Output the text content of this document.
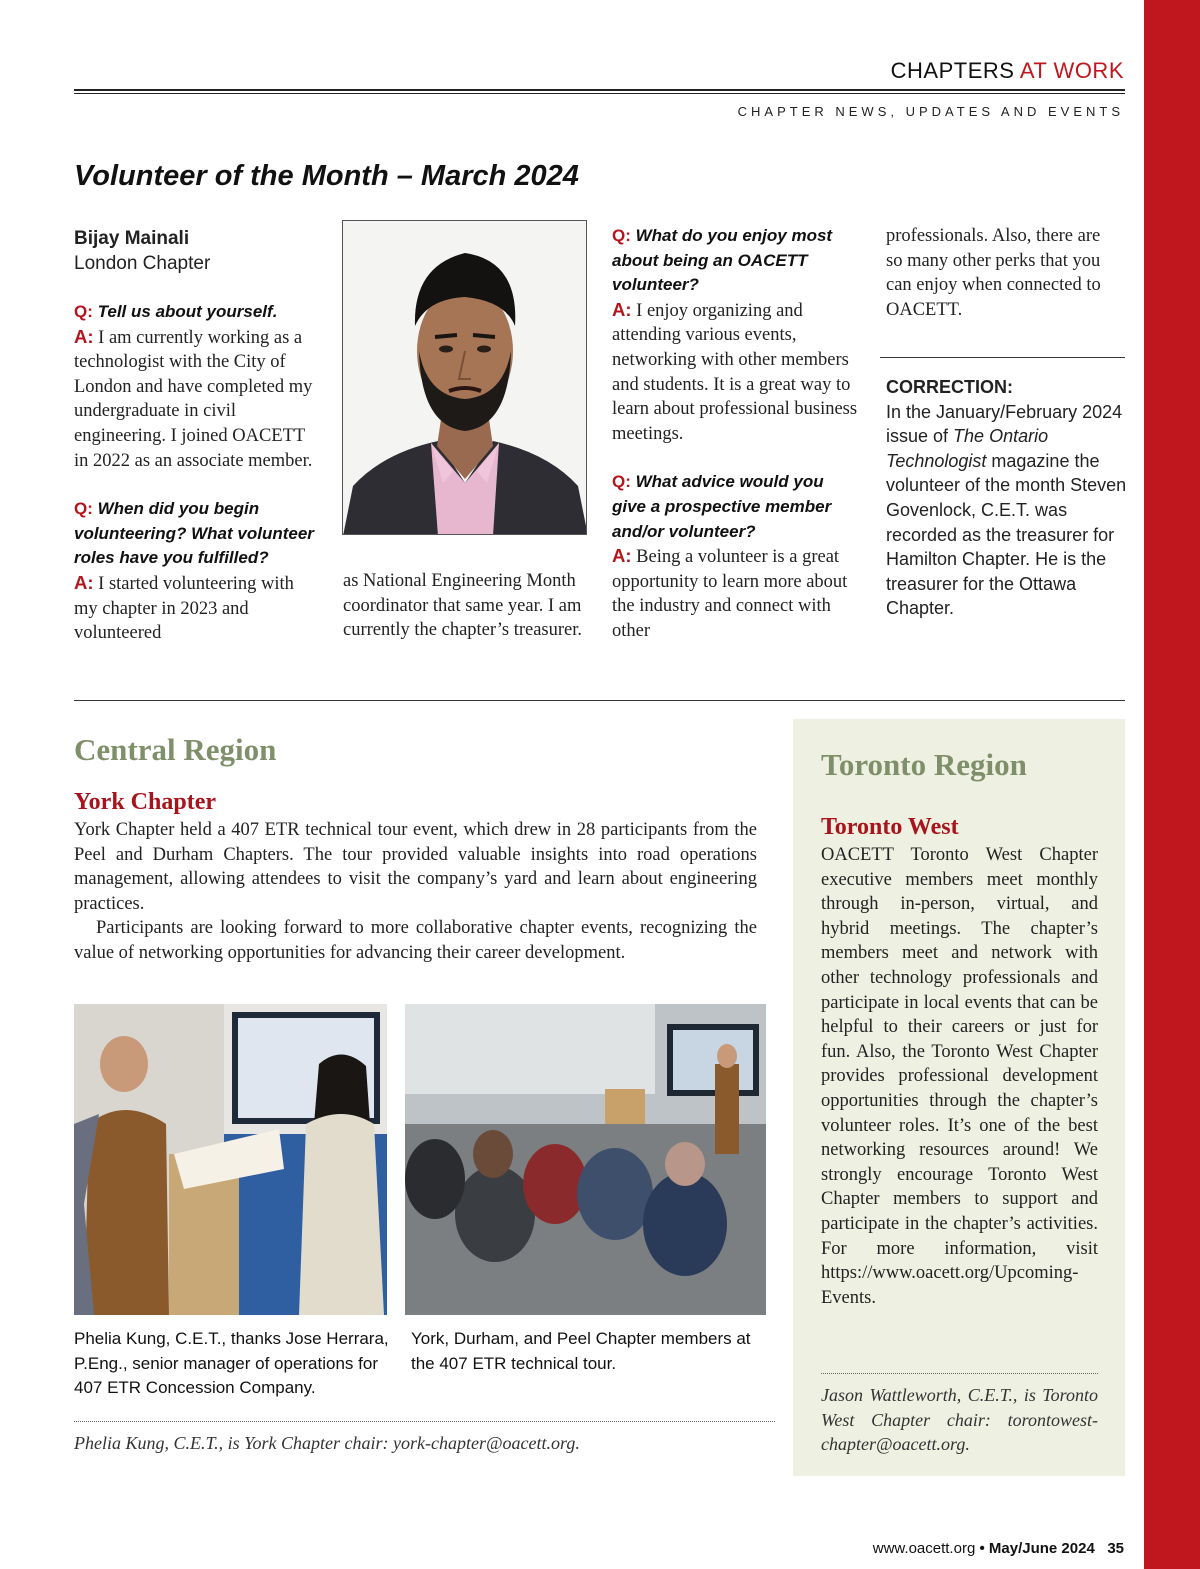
CHAPTERS AT WORK
CHAPTER NEWS, UPDATES AND EVENTS
Volunteer of the Month – March 2024
Bijay Mainali
London Chapter
Q: Tell us about yourself.
A: I am currently working as a technologist with the City of London and have completed my undergraduate in civil engineering. I joined OACETT in 2022 as an associate member.
Q: When did you begin volunteering? What volunteer roles have you fulfilled?
A: I started volunteering with my chapter in 2023 and volunteered
as National Engineering Month coordinator that same year. I am currently the chapter’s treasurer.
Q: What do you enjoy most about being an OACETT volunteer?
A: I enjoy organizing and attending various events, networking with other members and students. It is a great way to learn about professional business meetings.
Q: What advice would you give a prospective member and/or volunteer?
A: Being a volunteer is a great opportunity to learn more about the industry and connect with other
professionals. Also, there are so many other perks that you can enjoy when connected to OACETT.
CORRECTION:
In the January/February 2024 issue of The Ontario Technologist magazine the volunteer of the month Steven Govenlock, C.E.T. was recorded as the treasurer for Hamilton Chapter. He is the treasurer for the Ottawa Chapter.
Central Region
York Chapter

York Chapter held a 407 ETR technical tour event, which drew in 28 participants from the Peel and Durham Chapters. The tour provided valuable insights into road operations management, allowing attendees to visit the company’s yard and learn about engineering practices.

Participants are looking forward to more collaborative chapter events, recognizing the value of networking opportunities for advancing their career development.

Phelia Kung, C.E.T., thanks Jose Herrara, P.Eng., senior manager of operations for 407 ETR Concession Company.
York, Durham, and Peel Chapter members at the 407 ETR technical tour.
Phelia Kung, C.E.T., is York Chapter chair: york-chapter@oacett.org.
Toronto Region
Toronto West
OACETT Toronto West Chapter executive members meet monthly through in-person, virtual, and hybrid meetings. The chapter’s members meet and network with other technology professionals and participate in local events that can be helpful to their careers or just for fun. Also, the Toronto West Chapter provides professional development opportunities through the chapter’s volunteer roles. It’s one of the best networking resources around! We strongly encourage Toronto West Chapter members to support and participate in the chapter’s activities. For more information, visit https://www.oacett.org/Upcoming-Events.
Jason Wattleworth, C.E.T., is Toronto West Chapter chair: torontowest-chapter@oacett.org.
www.oacett.org • May/June 2024 35
